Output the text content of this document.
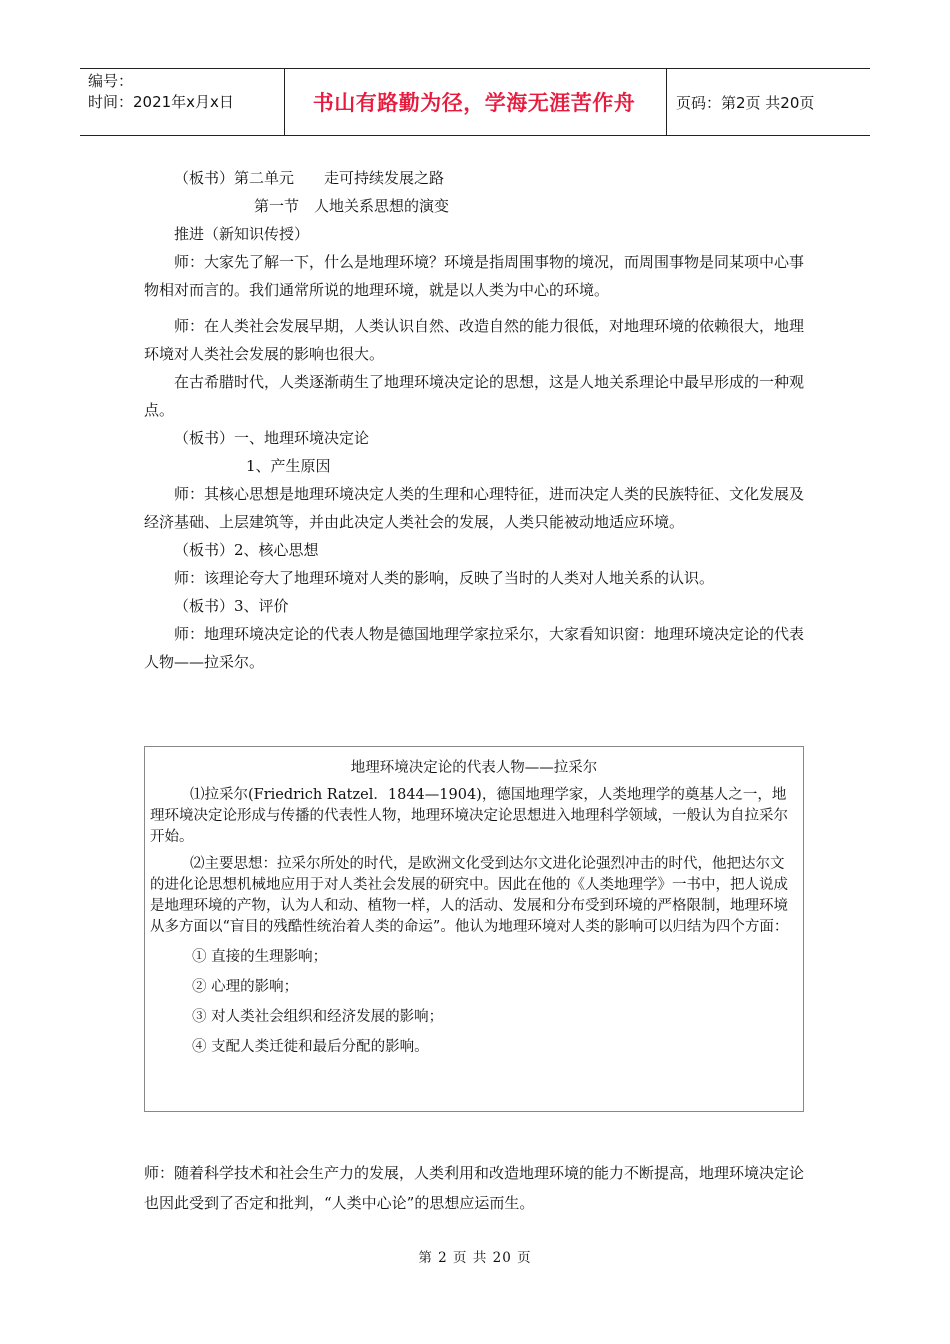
编号：
时间：2021年x月x日	书山有路勤为径，学海无涯苦作舟	页码：第2页 共20页

（板书）第二单元　　走可持续发展之路

第一节　人地关系思想的演变

推进（新知识传授）

师：大家先了解一下，什么是地理环境？环境是指周围事物的境况，而周围事物是同某项中心事物相对而言的。我们通常所说的地理环境，就是以人类为中心的环境。

师：在人类社会发展早期，人类认识自然、改造自然的能力很低，对地理环境的依赖很大，地理环境对人类社会发展的影响也很大。

在古希腊时代，人类逐渐萌生了地理环境决定论的思想，这是人地关系理论中最早形成的一种观点。

（板书）一、地理环境决定论

1、产生原因

师：其核心思想是地理环境决定人类的生理和心理特征，进而决定人类的民族特征、文化发展及经济基础、上层建筑等，并由此决定人类社会的发展，人类只能被动地适应环境。

（板书）2、核心思想

师：该理论夸大了地理环境对人类的影响，反映了当时的人类对人地关系的认识。

（板书）3、评价

师：地理环境决定论的代表人物是德国地理学家拉采尔，大家看知识窗：地理环境决定论的代表人物——拉采尔。

地理环境决定论的代表人物——拉采尔

⑴拉采尔(Friedrich Ratzel．1844—1904)，德国地理学家，人类地理学的奠基人之一，地理环境决定论形成与传播的代表性人物，地理环境决定论思想进入地理科学领域，一般认为自拉采尔开始。

⑵主要思想：拉采尔所处的时代，是欧洲文化受到达尔文进化论强烈冲击的时代，他把达尔文的进化论思想机械地应用于对人类社会发展的研究中。因此在他的《人类地理学》一书中，把人说成是地理环境的产物，认为人和动、植物一样，人的活动、发展和分布受到环境的严格限制，地理环境从多方面以“盲目的残酷性统治着人类的命运”。他认为地理环境对人类的影响可以归结为四个方面：

① 直接的生理影响；

② 心理的影响；

③ 对人类社会组织和经济发展的影响；

④ 支配人类迁徙和最后分配的影响。

师：随着科学技术和社会生产力的发展，人类利用和改造地理环境的能力不断提高，地理环境决定论也因此受到了否定和批判，“人类中心论”的思想应运而生。
第 2 页 共 20 页
